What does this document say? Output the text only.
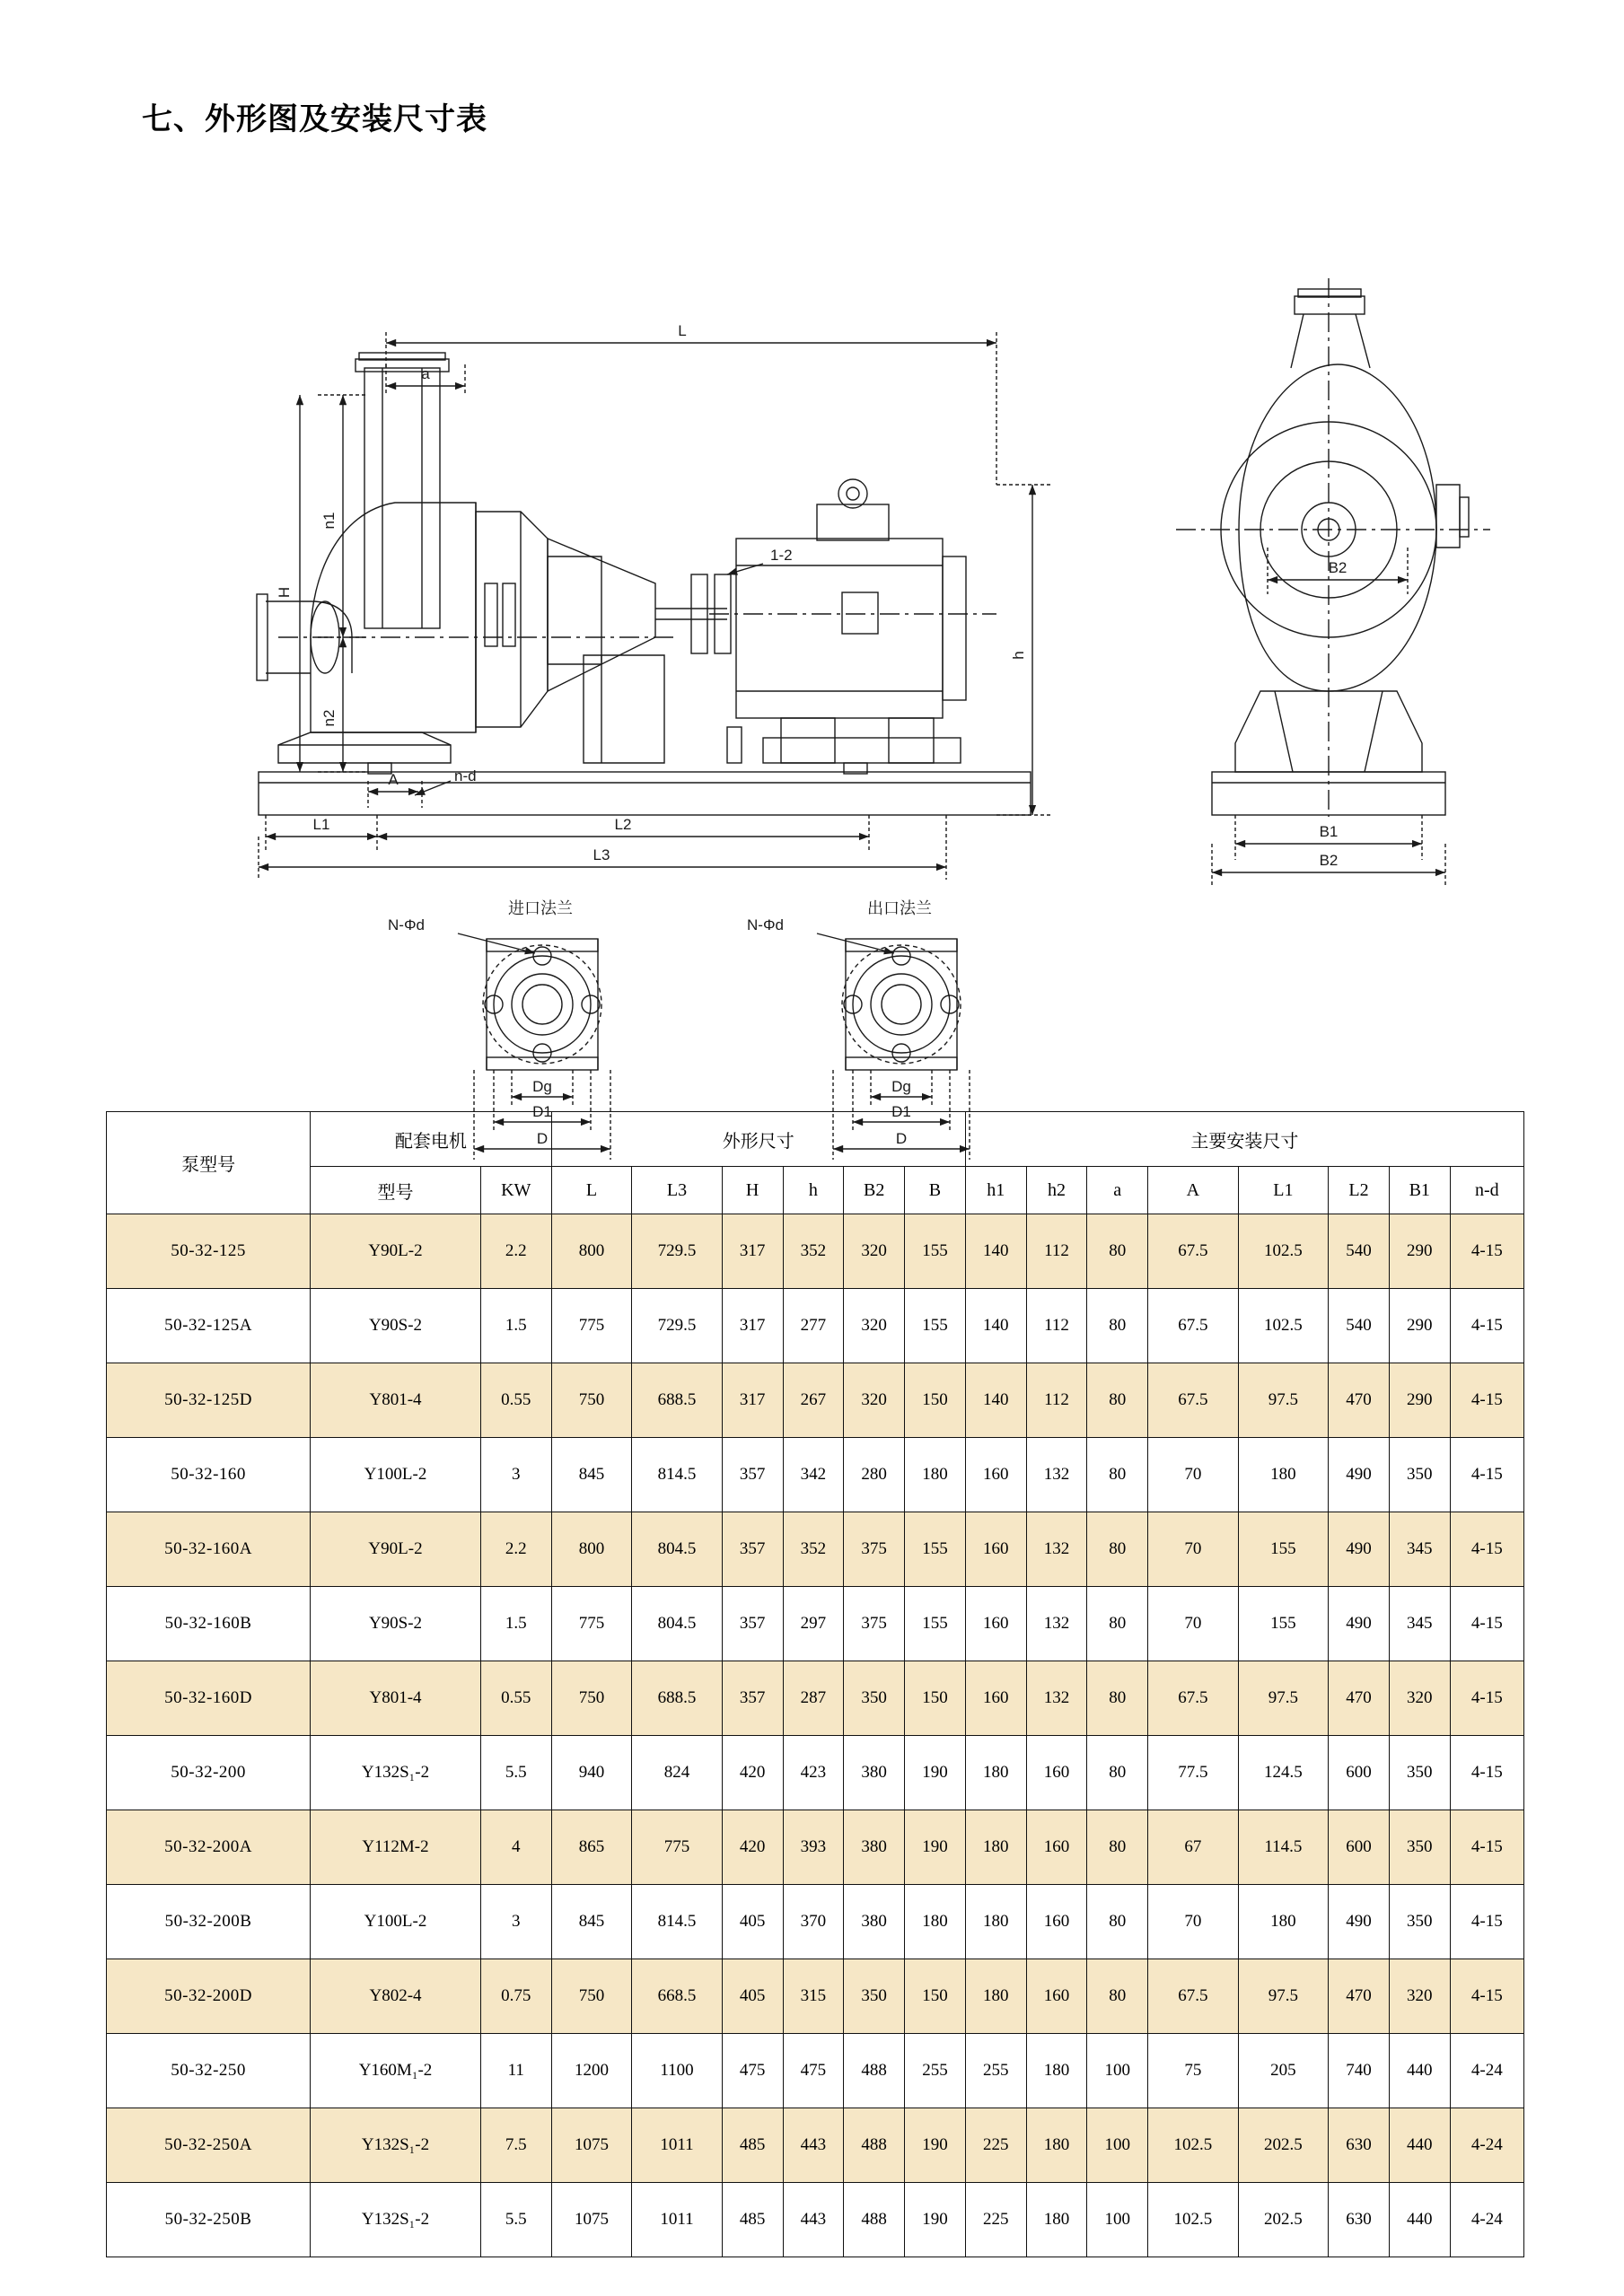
七、外形图及安装尺寸表
L
a
n1
n2
H
h
1-2
A	n-d
L1	L2
L3
B2
B1
B2
进口法兰
N-Φd
Dg
D1
D
出口法兰
N-Φd
Dg
D1
D
泵型号	配套电机		外形尺寸						主要安装尺寸							
	型号	KW	L	L3	H	h	B2	B	h1	h2	a	A	L1	L2	B1	n-d
50-32-125	Y90L-2	2.2	800	729.5	317	352	320	155	140	112	80	67.5	102.5	540	290	4-15
50-32-125A	Y90S-2	1.5	775	729.5	317	277	320	155	140	112	80	67.5	102.5	540	290	4-15
50-32-125D	Y801-4	0.55	750	688.5	317	267	320	150	140	112	80	67.5	97.5	470	290	4-15
50-32-160	Y100L-2	3	845	814.5	357	342	280	180	160	132	80	70	180	490	350	4-15
50-32-160A	Y90L-2	2.2	800	804.5	357	352	375	155	160	132	80	70	155	490	345	4-15
50-32-160B	Y90S-2	1.5	775	804.5	357	297	375	155	160	132	80	70	155	490	345	4-15
50-32-160D	Y801-4	0.55	750	688.5	357	287	350	150	160	132	80	67.5	97.5	470	320	4-15
50-32-200	Y132S₁-2	5.5	940	824	420	423	380	190	180	160	80	77.5	124.5	600	350	4-15
50-32-200A	Y112M-2	4	865	775	420	393	380	190	180	160	80	67	114.5	600	350	4-15
50-32-200B	Y100L-2	3	845	814.5	405	370	380	180	180	160	80	70	180	490	350	4-15
50-32-200D	Y802-4	0.75	750	668.5	405	315	350	150	180	160	80	67.5	97.5	470	320	4-15
50-32-250	Y160M₁-2	11	1200	1100	475	475	488	255	255	180	100	75	205	740	440	4-24
50-32-250A	Y132S₁-2	7.5	1075	1011	485	443	488	190	225	180	100	102.5	202.5	630	440	4-24
50-32-250B	Y132S₁-2	5.5	1075	1011	485	443	488	190	225	180	100	102.5	202.5	630	440	4-24
